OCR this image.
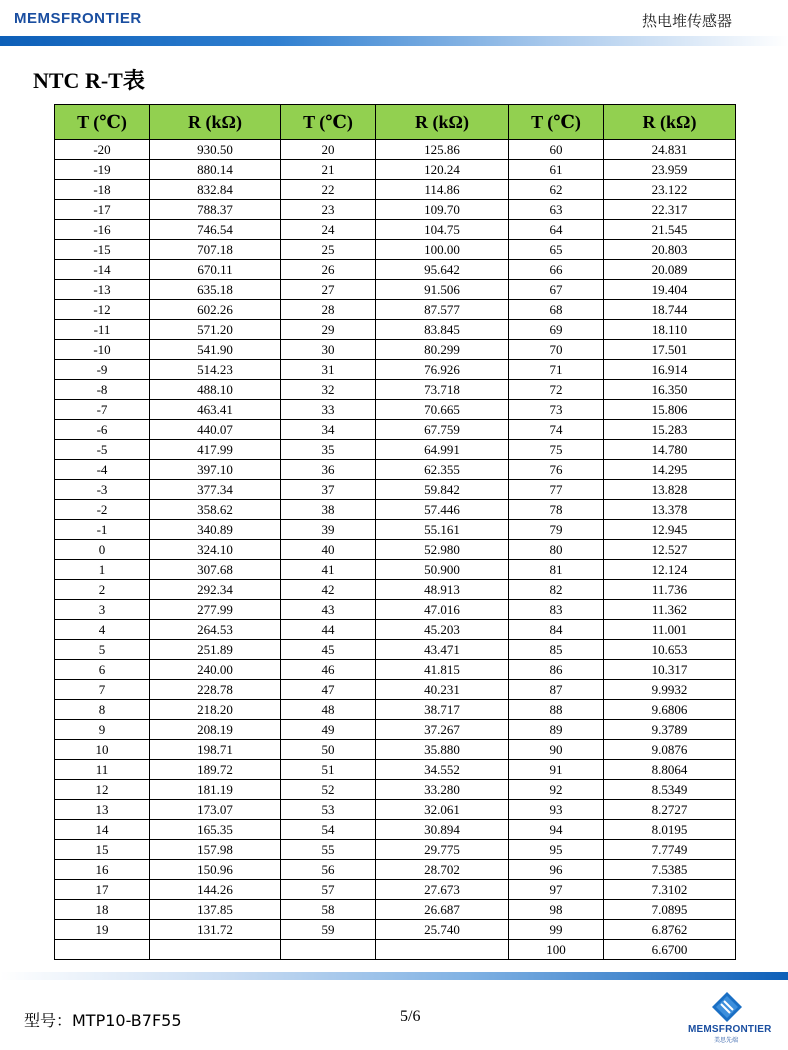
MEMSFRONTIER	热电堆传感器
NTC R-T表
T (℃)	R (kΩ)	T (℃)	R (kΩ)	T (℃)	R (kΩ)
-20	930.50	20	125.86	60	24.831
-19	880.14	21	120.24	61	23.959
-18	832.84	22	114.86	62	23.122
-17	788.37	23	109.70	63	22.317
-16	746.54	24	104.75	64	21.545
-15	707.18	25	100.00	65	20.803
-14	670.11	26	95.642	66	20.089
-13	635.18	27	91.506	67	19.404
-12	602.26	28	87.577	68	18.744
-11	571.20	29	83.845	69	18.110
-10	541.90	30	80.299	70	17.501
-9	514.23	31	76.926	71	16.914
-8	488.10	32	73.718	72	16.350
-7	463.41	33	70.665	73	15.806
-6	440.07	34	67.759	74	15.283
-5	417.99	35	64.991	75	14.780
-4	397.10	36	62.355	76	14.295
-3	377.34	37	59.842	77	13.828
-2	358.62	38	57.446	78	13.378
-1	340.89	39	55.161	79	12.945
0	324.10	40	52.980	80	12.527
1	307.68	41	50.900	81	12.124
2	292.34	42	48.913	82	11.736
3	277.99	43	47.016	83	11.362
4	264.53	44	45.203	84	11.001
5	251.89	45	43.471	85	10.653
6	240.00	46	41.815	86	10.317
7	228.78	47	40.231	87	9.9932
8	218.20	48	38.717	88	9.6806
9	208.19	49	37.267	89	9.3789
10	198.71	50	35.880	90	9.0876
11	189.72	51	34.552	91	8.8064
12	181.19	52	33.280	92	8.5349
13	173.07	53	32.061	93	8.2727
14	165.35	54	30.894	94	8.0195
15	157.98	55	29.775	95	7.7749
16	150.96	56	28.702	96	7.5385
17	144.26	57	27.673	97	7.3102
18	137.85	58	26.687	98	7.0895
19	131.72	59	25.740	99	6.8762
				100	6.6700
型号：MTP10-B7F55	5/6
MEMSFRONTIER
美思先端
